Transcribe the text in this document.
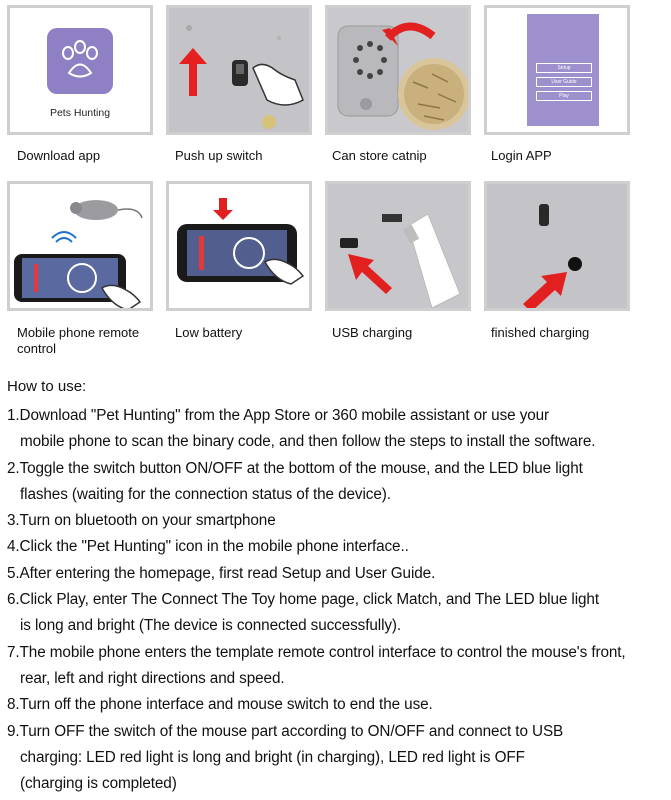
Pets Hunting
Setup
User Guide
Play
Download app	Push up switch	Can store catnip	Login APP
Mobile phone remote control
Low battery	USB charging	finished charging
How to use:
1.Download "Pet Hunting" from the App Store or 360 mobile assistant or use your
mobile phone to scan the binary code, and then follow the steps to install the software.
2.Toggle the switch button ON/OFF at the bottom of the mouse, and the LED blue light
flashes (waiting for the connection status of the device).
3.Turn on bluetooth on your smartphone
4.Click the "Pet Hunting" icon in the mobile phone interface..
5.After entering the homepage, first read Setup and User Guide.
6.Click Play, enter The Connect The Toy home page, click Match, and The LED blue light
is long and bright (The device is connected successfully).
7.The mobile phone enters the template remote control interface to control the mouse's front,
rear, left and right directions and speed.
8.Turn off the phone interface and mouse switch to end the use.
9.Turn OFF the switch of the mouse part according to ON/OFF and connect to USB
charging: LED red light is long and bright (in charging), LED red light is OFF
(charging is completed)
